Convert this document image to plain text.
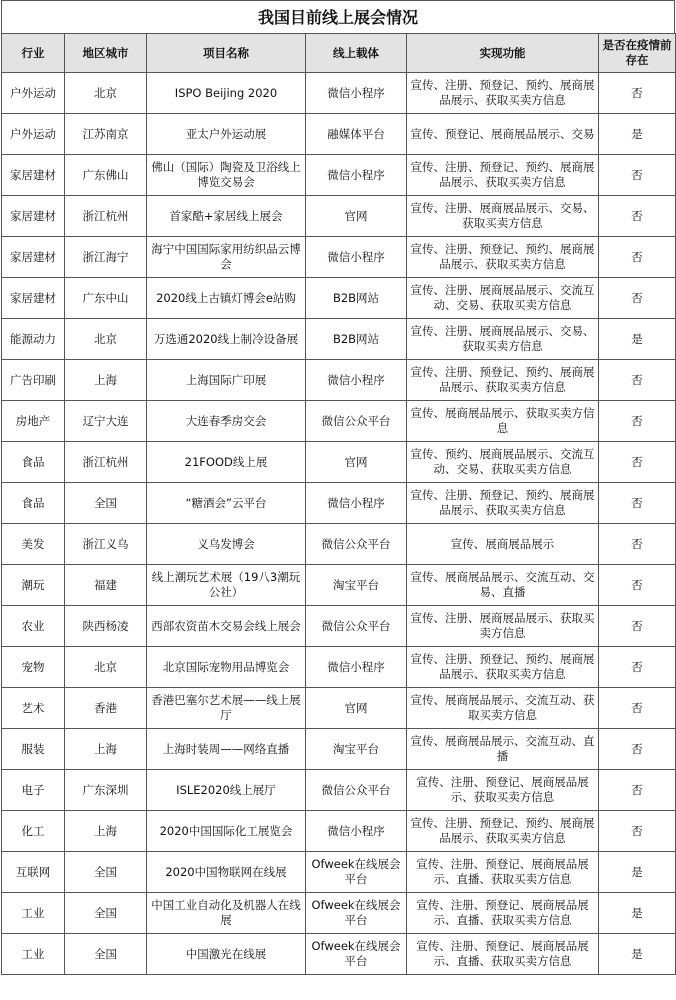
我国目前线上展会情况
行业	地区城市	项目名称	线上载体	实现功能	是否在疫情前存在
户外运动	北京	ISPO Beijing 2020	微信小程序	宣传、注册、预登记、预约、展商展品展示、获取买卖方信息	否
户外运动	江苏南京	亚太户外运动展	融媒体平台	宣传、预登记、展商展品展示、交易	是
家居建材	广东佛山	佛山（国际）陶瓷及卫浴线上博览交易会	微信小程序	宣传、注册、预登记、预约、展商展品展示、获取买卖方信息	否
家居建材	浙江杭州	首家酷+家居线上展会	官网	宣传、注册、展商展品展示、交易、获取买卖方信息	否
家居建材	浙江海宁	海宁中国国际家用纺织品云博会	微信小程序	宣传、注册、预登记、预约、展商展品展示、获取买卖方信息	否
家居建材	广东中山	2020线上古镇灯博会e站购	B2B网站	宣传、注册、展商展品展示、交流互动、交易、获取买卖方信息	否
能源动力	北京	万选通2020线上制冷设备展	B2B网站	宣传、注册、展商展品展示、交易、获取买卖方信息	是
广告印刷	上海	上海国际广印展	微信小程序	宣传、注册、预登记、预约、展商展品展示、获取买卖方信息	否
房地产	辽宁大连	大连春季房交会	微信公众平台	宣传、展商展品展示、获取买卖方信息	否
食品	浙江杭州	21FOOD线上展	官网	宣传、预约、展商展品展示、交流互动、交易、获取买卖方信息	否
食品	全国	“糖酒会”云平台	微信小程序	宣传、注册、预登记、预约、展商展品展示、获取买卖方信息	否
美发	浙江义乌	义乌发博会	微信公众平台	宣传、展商展品展示	否
潮玩	福建	线上潮玩艺术展（19八3潮玩公社）	淘宝平台	宣传、展商展品展示、交流互动、交易、直播	否
农业	陕西杨凌	西部农资苗木交易会线上展会	微信公众平台	宣传、注册、展商展品展示、获取买卖方信息	否
宠物	北京	北京国际宠物用品博览会	微信小程序	宣传、注册、预登记、预约、展商展品展示、获取买卖方信息	否
艺术	香港	香港巴塞尔艺术展——线上展厅	官网	宣传、展商展品展示、交流互动、获取买卖方信息	否
服装	上海	上海时装周——网络直播	淘宝平台	宣传、展商展品展示、交流互动、直播	否
电子	广东深圳	ISLE2020线上展厅	微信公众平台	宣传、注册、预登记、展商展品展示、获取买卖方信息	否
化工	上海	2020中国国际化工展览会	微信小程序	宣传、注册、预登记、预约、展商展品展示、获取买卖方信息	否
互联网	全国	2020中国物联网在线展	Ofweek在线展会平台	宣传、注册、预登记、展商展品展示、直播、获取买卖方信息	是
工业	全国	中国工业自动化及机器人在线展	Ofweek在线展会平台	宣传、注册、预登记、展商展品展示、直播、获取买卖方信息	是
工业	全国	中国激光在线展	Ofweek在线展会平台	宣传、注册、预登记、展商展品展示、直播、获取买卖方信息	是
